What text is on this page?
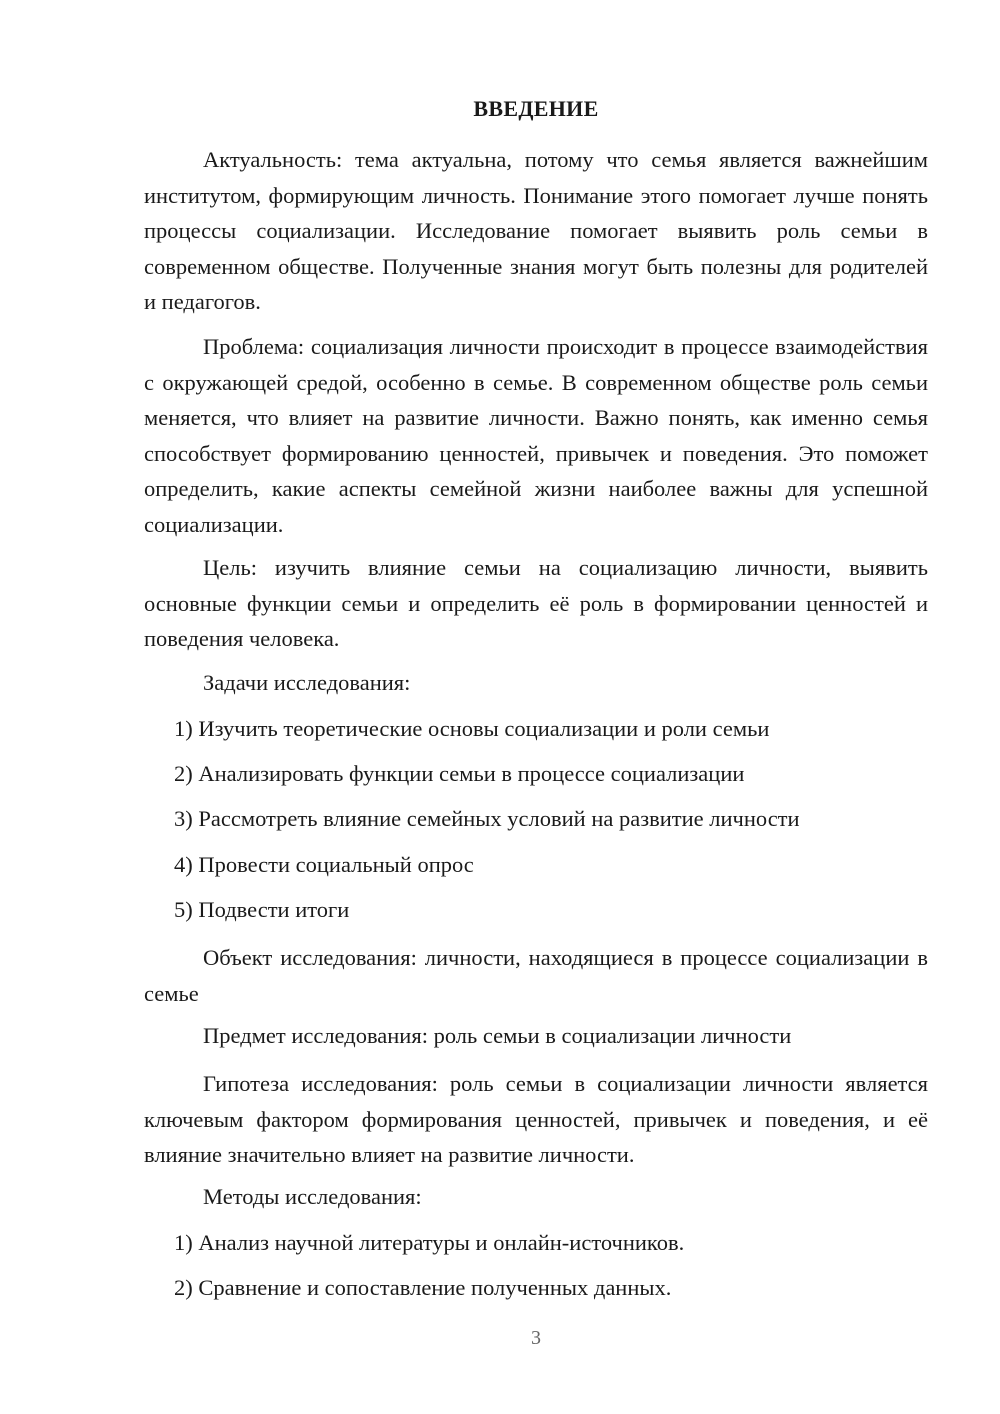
ВВЕДЕНИЕ
Актуальность: тема актуальна, потому что семья является важнейшим институтом, формирующим личность. Понимание этого помогает лучше понять процессы социализации. Исследование помогает выявить роль семьи в современном обществе. Полученные знания могут быть полезны для родителей и педагогов.
Проблема: социализация личности происходит в процессе взаимодействия с окружающей средой, особенно в семье. В современном обществе роль семьи меняется, что влияет на развитие личности. Важно понять, как именно семья способствует формированию ценностей, привычек и поведения. Это поможет определить, какие аспекты семейной жизни наиболее важны для успешной социализации.
Цель: изучить влияние семьи на социализацию личности, выявить основные функции семьи и определить её роль в формировании ценностей и поведения человека.
Задачи исследования:
1) Изучить теоретические основы социализации и роли семьи
2) Анализировать функции семьи в процессе социализации
3) Рассмотреть влияние семейных условий на развитие личности
4) Провести социальный опрос
5) Подвести итоги
Объект исследования: личности, находящиеся в процессе социализации в семье
Предмет исследования: роль семьи в социализации личности
Гипотеза исследования: роль семьи в социализации личности является ключевым фактором формирования ценностей, привычек и поведения, и её влияние значительно влияет на развитие личности.
Методы исследования:
1) Анализ научной литературы и онлайн-источников.
2) Сравнение и сопоставление полученных данных.
3
